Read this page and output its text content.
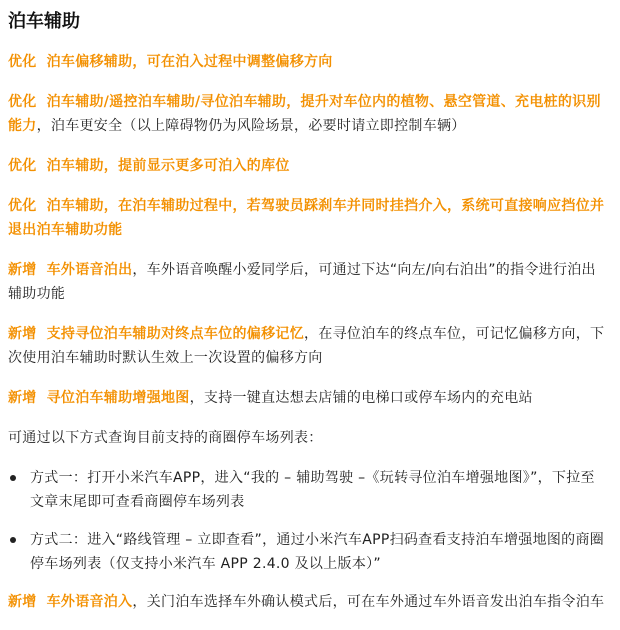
泊车辅助

优化 泊车偏移辅助，可在泊入过程中调整偏移方向

优化 泊车辅助/遥控泊车辅助/寻位泊车辅助，提升对车位内的植物、悬空管道、充电桩的识别能力，泊车更安全（以上障碍物仍为风险场景，必要时请立即控制车辆）

优化 泊车辅助，提前显示更多可泊入的库位

优化 泊车辅助，在泊车辅助过程中，若驾驶员踩刹车并同时挂挡介入，系统可直接响应挡位并退出泊车辅助功能

新增 车外语音泊出，车外语音唤醒小爱同学后，可通过下达“向左/向右泊出”的指令进行泊出辅助功能

新增 支持寻位泊车辅助对终点车位的偏移记忆，在寻位泊车的终点车位，可记忆偏移方向，下次使用泊车辅助时默认生效上一次设置的偏移方向

新增 寻位泊车辅助增强地图，支持一键直达想去店铺的电梯口或停车场内的充电站

可通过以下方式查询目前支持的商圈停车场列表：

方式一：打开小米汽车APP，进入“我的 – 辅助驾驶 –《玩转寻位泊车增强地图》”，下拉至文章末尾即可查看商圈停车场列表
方式二：进入“路线管理 – 立即查看”，通过小米汽车APP扫码查看支持泊车增强地图的商圈停车场列表（仅支持小米汽车 APP 2.4.0 及以上版本）”

新增 车外语音泊入，关门泊车选择车外确认模式后，可在车外通过车外语音发出泊车指令泊车
